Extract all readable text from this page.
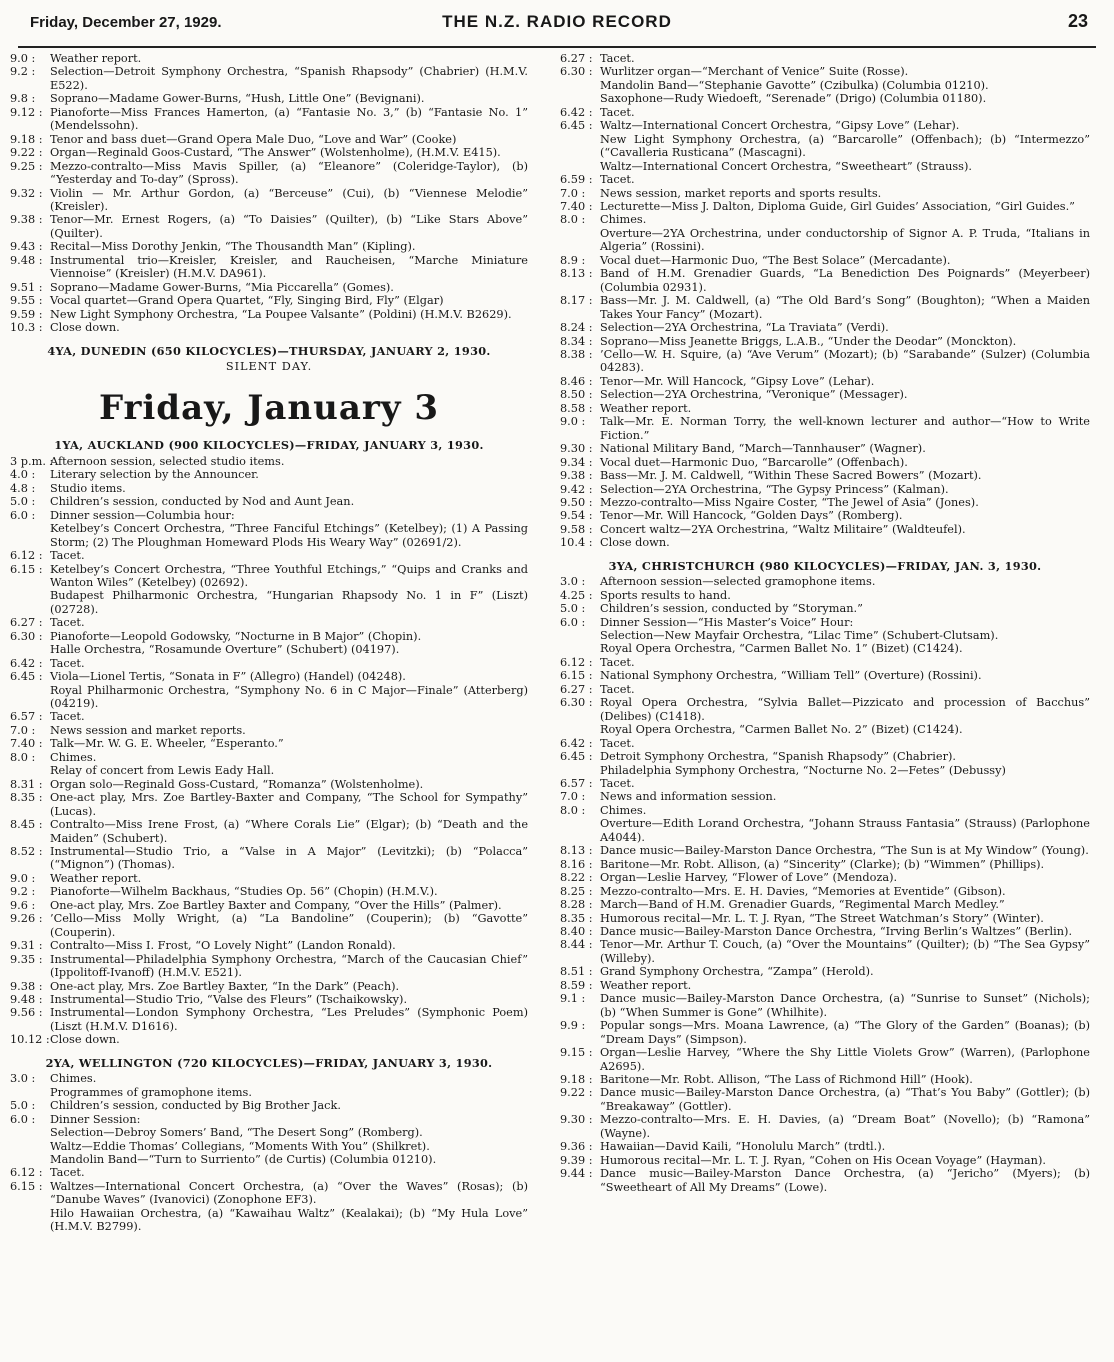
Friday, December 27, 1929.	THE N.Z. RADIO RECORD	23
9.0 : Weather report.
9.2 : Selection—Detroit Symphony Orchestra, “Spanish Rhapsody” (Chabrier) (H.M.V. E522).
9.8 : Soprano—Madame Gower-Burns, “Hush, Little One” (Bevignani).
9.12 : Pianoforte—Miss Frances Hamerton, (a) “Fantasie No. 3,” (b) “Fantasie No. 1” (Mendelssohn).
9.18 : Tenor and bass duet—Grand Opera Male Duo, “Love and War” (Cooke)
9.22 : Organ—Reginald Goos-Custard, “The Answer” (Wolstenholme), (H.M.V. E415).
9.25 : Mezzo-contralto—Miss Mavis Spiller, (a) “Eleanore” (Coleridge-Taylor), (b) “Yesterday and To-day” (Spross).
9.32 : Violin — Mr. Arthur Gordon, (a) “Berceuse” (Cui), (b) “Viennese Melodie” (Kreisler).
9.38 : Tenor—Mr. Ernest Rogers, (a) “To Daisies” (Quilter), (b) “Like Stars Above” (Quilter).
9.43 : Recital—Miss Dorothy Jenkin, “The Thousandth Man” (Kipling).
9.48 : Instrumental trio—Kreisler, Kreisler, and Raucheisen, “Marche Miniature Viennoise” (Kreisler) (H.M.V. DA961).
9.51 : Soprano—Madame Gower-Burns, “Mia Piccarella” (Gomes).
9.55 : Vocal quartet—Grand Opera Quartet, “Fly, Singing Bird, Fly” (Elgar)
9.59 : New Light Symphony Orchestra, “La Poupee Valsante” (Poldini) (H.M.V. B2629).
10.3 : Close down.
4YA, DUNEDIN (650 KILOCYCLES)—THURSDAY, JANUARY 2, 1930.
SILENT DAY.
Friday, January 3
1YA, AUCKLAND (900 KILOCYCLES)—FRIDAY, JANUARY 3, 1930.
3 p.m. :
Afternoon session, selected studio items.
4.0 : Literary selection by the Announcer.
4.8 : Studio items.
5.0 : Children’s session, conducted by Nod and Aunt Jean.
6.0 : Dinner session—Columbia hour:
Ketelbey’s Concert Orchestra, “Three Fanciful Etchings” (Ketelbey); (1) A Passing Storm; (2) The Ploughman Homeward Plods His Weary Way” (02691/2).
6.12 : Tacet.
6.15 : Ketelbey’s Concert Orchestra, “Three Youthful Etchings,” “Quips and Cranks and Wanton Wiles” (Ketelbey) (02692).
Budapest Philharmonic Orchestra, “Hungarian Rhapsody No. 1 in F” (Liszt) (02728).
6.27 : Tacet.
6.30 : Pianoforte—Leopold Godowsky, “Nocturne in B Major” (Chopin).
Halle Orchestra, “Rosamunde Overture” (Schubert) (04197).
6.42 : Tacet.
6.45 : Viola—Lionel Tertis, “Sonata in F” (Allegro) (Handel) (04248).
Royal Philharmonic Orchestra, “Symphony No. 6 in C Major—Finale” (Atterberg) (04219).
6.57 : Tacet.
7.0 : News session and market reports.
7.40 : Talk—Mr. W. G. E. Wheeler, “Esperanto.”
8.0 : Chimes.
Relay of concert from Lewis Eady Hall.
8.31 : Organ solo—Reginald Goss-Custard, “Romanza” (Wolstenholme).
8.35 : One-act play, Mrs. Zoe Bartley-Baxter and Company, “The School for Sympathy” (Lucas).
8.45 : Contralto—Miss Irene Frost, (a) “Where Corals Lie” (Elgar); (b) “Death and the Maiden” (Schubert).
8.52 : Instrumental—Studio Trio, a “Valse in A Major” (Levitzki); (b) “Polacca” (“Mignon”) (Thomas).
9.0 : Weather report.
9.2 : Pianoforte—Wilhelm Backhaus, “Studies Op. 56” (Chopin) (H.M.V.).
9.6 : One-act play, Mrs. Zoe Bartley Baxter and Company, “Over the Hills” (Palmer).
9.26 : ’Cello—Miss Molly Wright, (a) “La Bandoline” (Couperin); (b) “Gavotte” (Couperin).
9.31 : Contralto—Miss I. Frost, “O Lovely Night” (Landon Ronald).
9.35 : Instrumental—Philadelphia Symphony Orchestra, “March of the Caucasian Chief” (Ippolitoff-Ivanoff) (H.M.V. E521).
9.38 : One-act play, Mrs. Zoe Bartley Baxter, “In the Dark” (Peach).
9.48 : Instrumental—Studio Trio, “Valse des Fleurs” (Tschaikowsky).
9.56 : Instrumental—London Symphony Orchestra, “Les Preludes” (Symphonic Poem) (Liszt (H.M.V. D1616).
10.12 : Close down.
2YA, WELLINGTON (720 KILOCYCLES)—FRIDAY, JANUARY 3, 1930.
3.0 : Chimes.
Programmes of gramophone items.
5.0 : Children’s session, conducted by Big Brother Jack.
6.0 : Dinner Session:
Selection—Debroy Somers’ Band, “The Desert Song” (Romberg).
Waltz—Eddie Thomas’ Collegians, “Moments With You” (Shilkret).
Mandolin Band—“Turn to Surriento” (de Curtis) (Columbia 01210).
6.12 : Tacet.
6.15 : Waltzes—International Concert Orchestra, (a) “Over the Waves” (Rosas); (b) “Danube Waves” (Ivanovici) (Zonophone EF3).
Hilo Hawaiian Orchestra, (a) “Kawaihau Waltz” (Kealakai); (b) “My Hula Love” (H.M.V. B2799).
6.27 : Tacet.
6.30 : Wurlitzer organ—“Merchant of Venice” Suite (Rosse).
Mandolin Band—“Stephanie Gavotte” (Czibulka) (Columbia 01210).
Saxophone—Rudy Wiedoeft, “Serenade” (Drigo) (Columbia 01180).
6.42 : Tacet.
6.45 : Waltz—International Concert Orchestra, “Gipsy Love” (Lehar).
New Light Symphony Orchestra, (a) “Barcarolle” (Offenbach); (b) “Intermezzo” (“Cavalleria Rusticana” (Mascagni).
Waltz—International Concert Orchestra, “Sweetheart” (Strauss).
6.59 : Tacet.
7.0 : News session, market reports and sports results.
7.40 : Lecturette—Miss J. Dalton, Diploma Guide, Girl Guides’ Association, “Girl Guides.”
8.0 : Chimes.
Overture—2YA Orchestrina, under conductorship of Signor A. P. Truda, “Italians in Algeria” (Rossini).
8.9 : Vocal duet—Harmonic Duo, “The Best Solace” (Mercadante).
8.13 : Band of H.M. Grenadier Guards, “La Benediction Des Poignards” (Meyerbeer) (Columbia 02931).
8.17 : Bass—Mr. J. M. Caldwell, (a) “The Old Bard’s Song” (Boughton); “When a Maiden Takes Your Fancy” (Mozart).
8.24 : Selection—2YA Orchestrina, “La Traviata” (Verdi).
8.34 : Soprano—Miss Jeanette Briggs, L.A.B., “Under the Deodar” (Monckton).
8.38 : ’Cello—W. H. Squire, (a) “Ave Verum” (Mozart); (b) “Sarabande” (Sulzer) (Columbia 04283).
8.46 : Tenor—Mr. Will Hancock, “Gipsy Love” (Lehar).
8.50 : Selection—2YA Orchestrina, “Veronique” (Messager).
8.58 : Weather report.
9.0 : Talk—Mr. E. Norman Torry, the well-known lecturer and author—“How to Write Fiction.”
9.30 : National Military Band, “March—Tannhauser” (Wagner).
9.34 : Vocal duet—Harmonic Duo, “Barcarolle” (Offenbach).
9.38 : Bass—Mr. J. M. Caldwell, “Within These Sacred Bowers” (Mozart).
9.42 : Selection—2YA Orchestrina, “The Gypsy Princess” (Kalman).
9.50 : Mezzo-contralto—Miss Ngaire Coster, “The Jewel of Asia” (Jones).
9.54 : Tenor—Mr. Will Hancock, “Golden Days” (Romberg).
9.58 : Concert waltz—2YA Orchestrina, “Waltz Militaire” (Waldteufel).
10.4 : Close down.
3YA, CHRISTCHURCH (980 KILOCYCLES)—FRIDAY, JAN. 3, 1930.
3.0 : Afternoon session—selected gramophone items.
4.25 : Sports results to hand.
5.0 : Children’s session, conducted by “Storyman.”
6.0 : Dinner Session—“His Master’s Voice” Hour:
Selection—New Mayfair Orchestra, “Lilac Time” (Schubert-Clutsam).
Royal Opera Orchestra, “Carmen Ballet No. 1” (Bizet) (C1424).
6.12 : Tacet.
6.15 : National Symphony Orchestra, “William Tell” (Overture) (Rossini).
6.27 : Tacet.
6.30 : Royal Opera Orchestra, “Sylvia Ballet—Pizzicato and procession of Bacchus” (Delibes) (C1418).
Royal Opera Orchestra, “Carmen Ballet No. 2” (Bizet) (C1424).
6.42 : Tacet.
6.45 : Detroit Symphony Orchestra, “Spanish Rhapsody” (Chabrier).
Philadelphia Symphony Orchestra, “Nocturne No. 2—Fetes” (Debussy)
6.57 : Tacet.
7.0 : News and information session.
8.0 : Chimes.
Overture—Edith Lorand Orchestra, “Johann Strauss Fantasia” (Strauss) (Parlophone A4044).
8.13 : Dance music—Bailey-Marston Dance Orchestra, “The Sun is at My Window” (Young).
8.16 : Baritone—Mr. Robt. Allison, (a) “Sincerity” (Clarke); (b) “Wimmen” (Phillips).
8.22 : Organ—Leslie Harvey, “Flower of Love” (Mendoza).
8.25 : Mezzo-contralto—Mrs. E. H. Davies, “Memories at Eventide” (Gibson).
8.28 : March—Band of H.M. Grenadier Guards, “Regimental March Medley.”
8.35 : Humorous recital—Mr. L. T. J. Ryan, “The Street Watchman’s Story” (Winter).
8.40 : Dance music—Bailey-Marston Dance Orchestra, “Irving Berlin’s Waltzes” (Berlin).
8.44 : Tenor—Mr. Arthur T. Couch, (a) “Over the Mountains” (Quilter); (b) “The Sea Gypsy” (Willeby).
8.51 : Grand Symphony Orchestra, “Zampa” (Herold).
8.59 : Weather report.
9.1 : Dance music—Bailey-Marston Dance Orchestra, (a) “Sunrise to Sunset” (Nichols); (b) “When Summer is Gone” (Whilhite).
9.9 : Popular songs—Mrs. Moana Lawrence, (a) “The Glory of the Garden” (Boanas); (b) “Dream Days” (Simpson).
9.15 : Organ—Leslie Harvey, “Where the Shy Little Violets Grow” (Warren), (Parlophone A2695).
9.18 : Baritone—Mr. Robt. Allison, “The Lass of Richmond Hill” (Hook).
9.22 : Dance music—Bailey-Marston Dance Orchestra, (a) “That’s You Baby” (Gottler); (b) “Breakaway” (Gottler).
9.30 : Mezzo-contralto—Mrs. E. H. Davies, (a) “Dream Boat” (Novello); (b) “Ramona” (Wayne).
9.36 : Hawaiian—David Kaili, “Honolulu March” (trdtl.).
9.39 : Humorous recital—Mr. L. T. J. Ryan, “Cohen on His Ocean Voyage” (Hayman).
9.44 : Dance music—Bailey-Marston Dance Orchestra, (a) “Jericho” (Myers); (b) “Sweetheart of All My Dreams” (Lowe).
